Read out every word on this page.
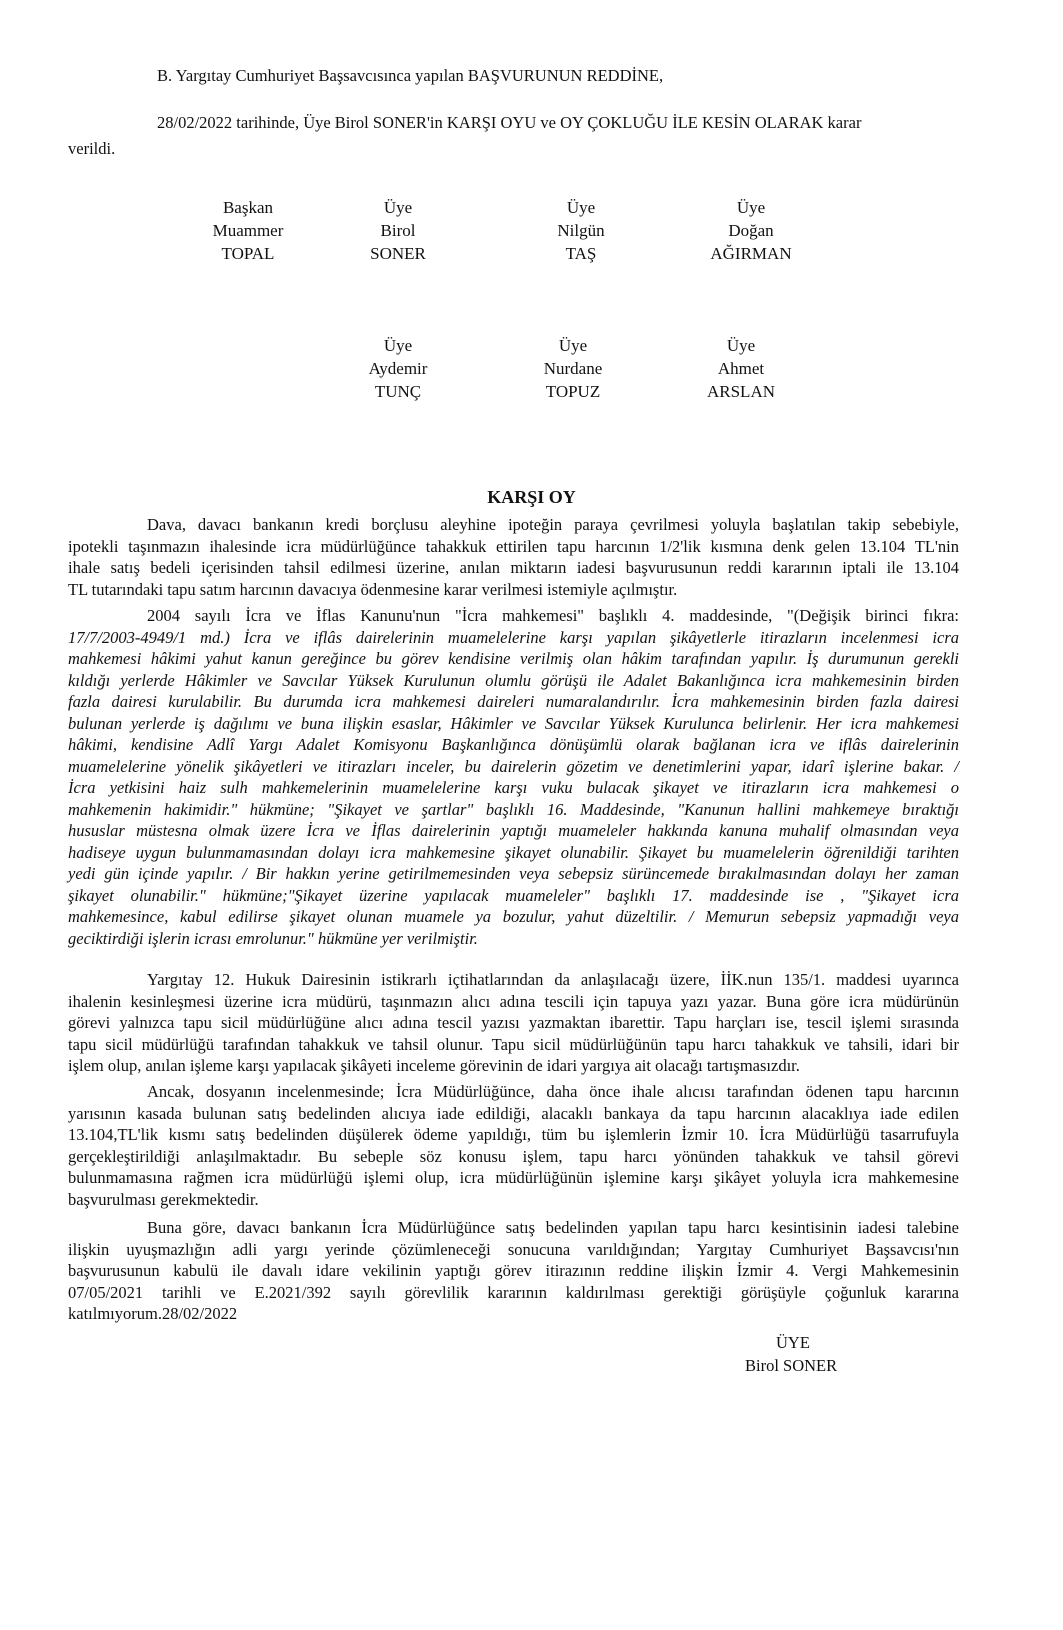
B. Yargıtay Cumhuriyet Başsavcısınca yapılan BAŞVURUNUN REDDİNE,
28/02/2022 tarihinde, Üye Birol SONER'in KARŞI OYU ve OY ÇOKLUĞU İLE KESİN OLARAK karar
verildi.
Başkan
Muammer
TOPAL
Üye
Birol
SONER
Üye
Nilgün
TAŞ
Üye
Doğan
AĞIRMAN
Üye
Aydemir
TUNÇ
Üye
Nurdane
TOPUZ
Üye
Ahmet
ARSLAN
KARŞI OY
Dava, davacı bankanın kredi borçlusu aleyhine ipoteğin paraya çevrilmesi yoluyla başlatılan takip sebebiyle,
ipotekli taşınmazın ihalesinde icra müdürlüğünce tahakkuk ettirilen tapu harcının 1/2'lik kısmına denk gelen 13.104 TL'nin
ihale satış bedeli içerisinden tahsil edilmesi üzerine, anılan miktarın iadesi başvurusunun reddi kararının iptali ile 13.104
TL tutarındaki tapu satım harcının davacıya ödenmesine karar verilmesi istemiyle açılmıştır.
2004 sayılı İcra ve İflas Kanunu'nun "İcra mahkemesi" başlıklı 4. maddesinde, "(Değişik birinci fıkra:
17/7/2003-4949/1 md.) İcra ve iflâs dairelerinin muamelelerine karşı yapılan şikâyetlerle itirazların incelenmesi icra
mahkemesi hâkimi yahut kanun gereğince bu görev kendisine verilmiş olan hâkim tarafından yapılır. İş durumunun gerekli
kıldığı yerlerde Hâkimler ve Savcılar Yüksek Kurulunun olumlu görüşü ile Adalet Bakanlığınca icra mahkemesinin birden
fazla dairesi kurulabilir. Bu durumda icra mahkemesi daireleri numaralandırılır. İcra mahkemesinin birden fazla dairesi
bulunan yerlerde iş dağılımı ve buna ilişkin esaslar, Hâkimler ve Savcılar Yüksek Kurulunca belirlenir. Her icra mahkemesi
hâkimi, kendisine Adlî Yargı Adalet Komisyonu Başkanlığınca dönüşümlü olarak bağlanan icra ve iflâs dairelerinin
muamelelerine yönelik şikâyetleri ve itirazları inceler, bu dairelerin gözetim ve denetimlerini yapar, idarî işlerine bakar. /
İcra yetkisini haiz sulh mahkemelerinin muamelelerine karşı vuku bulacak şikayet ve itirazların icra mahkemesi o
mahkemenin hakimidir." hükmüne; "Şikayet ve şartlar" başlıklı 16. Maddesinde, "Kanunun hallini mahkemeye bıraktığı
hususlar müstesna olmak üzere İcra ve İflas dairelerinin yaptığı muameleler hakkında kanuna muhalif olmasından veya
hadiseye uygun bulunmamasından dolayı icra mahkemesine şikayet olunabilir. Şikayet bu muamelelerin öğrenildiği tarihten
yedi gün içinde yapılır. / Bir hakkın yerine getirilmemesinden veya sebepsiz sürüncemede bırakılmasından dolayı her zaman
şikayet olunabilir." hükmüne;"Şikayet üzerine yapılacak muameleler" başlıklı 17. maddesinde ise , "Şikayet icra
mahkemesince, kabul edilirse şikayet olunan muamele ya bozulur, yahut düzeltilir. / Memurun sebepsiz yapmadığı veya
geciktirdiği işlerin icrası emrolunur." hükmüne yer verilmiştir.
Yargıtay 12. Hukuk Dairesinin istikrarlı içtihatlarından da anlaşılacağı üzere, İİK.nun 135/1. maddesi uyarınca
ihalenin kesinleşmesi üzerine icra müdürü, taşınmazın alıcı adına tescili için tapuya yazı yazar. Buna göre icra müdürünün
görevi yalnızca tapu sicil müdürlüğüne alıcı adına tescil yazısı yazmaktan ibarettir. Tapu harçları ise, tescil işlemi sırasında
tapu sicil müdürlüğü tarafından tahakkuk ve tahsil olunur. Tapu sicil müdürlüğünün tapu harcı tahakkuk ve tahsili, idari bir
işlem olup, anılan işleme karşı yapılacak şikâyeti inceleme görevinin de idari yargıya ait olacağı tartışmasızdır.
Ancak, dosyanın incelenmesinde; İcra Müdürlüğünce, daha önce ihale alıcısı tarafından ödenen tapu harcının
yarısının kasada bulunan satış bedelinden alıcıya iade edildiği, alacaklı bankaya da tapu harcının alacaklıya iade edilen
13.104,TL'lik kısmı satış bedelinden düşülerek ödeme yapıldığı, tüm bu işlemlerin İzmir 10. İcra Müdürlüğü tasarrufuyla
gerçekleştirildiği anlaşılmaktadır. Bu sebeple söz konusu işlem, tapu harcı yönünden tahakkuk ve tahsil görevi
bulunmamasına rağmen icra müdürlüğü işlemi olup, icra müdürlüğünün işlemine karşı şikâyet yoluyla icra mahkemesine
başvurulması gerekmektedir.
Buna göre, davacı bankanın İcra Müdürlüğünce satış bedelinden yapılan tapu harcı kesintisinin iadesi talebine
ilişkin uyuşmazlığın adli yargı yerinde çözümleneceği sonucuna varıldığından; Yargıtay Cumhuriyet Başsavcısı'nın
başvurusunun kabulü ile davalı idare vekilinin yaptığı görev itirazının reddine ilişkin İzmir 4. Vergi Mahkemesinin
07/05/2021 tarihli ve E.2021/392 sayılı görevlilik kararının kaldırılması gerektiği görüşüyle çoğunluk kararına
katılmıyorum.28/02/2022
ÜYE
Birol SONER
